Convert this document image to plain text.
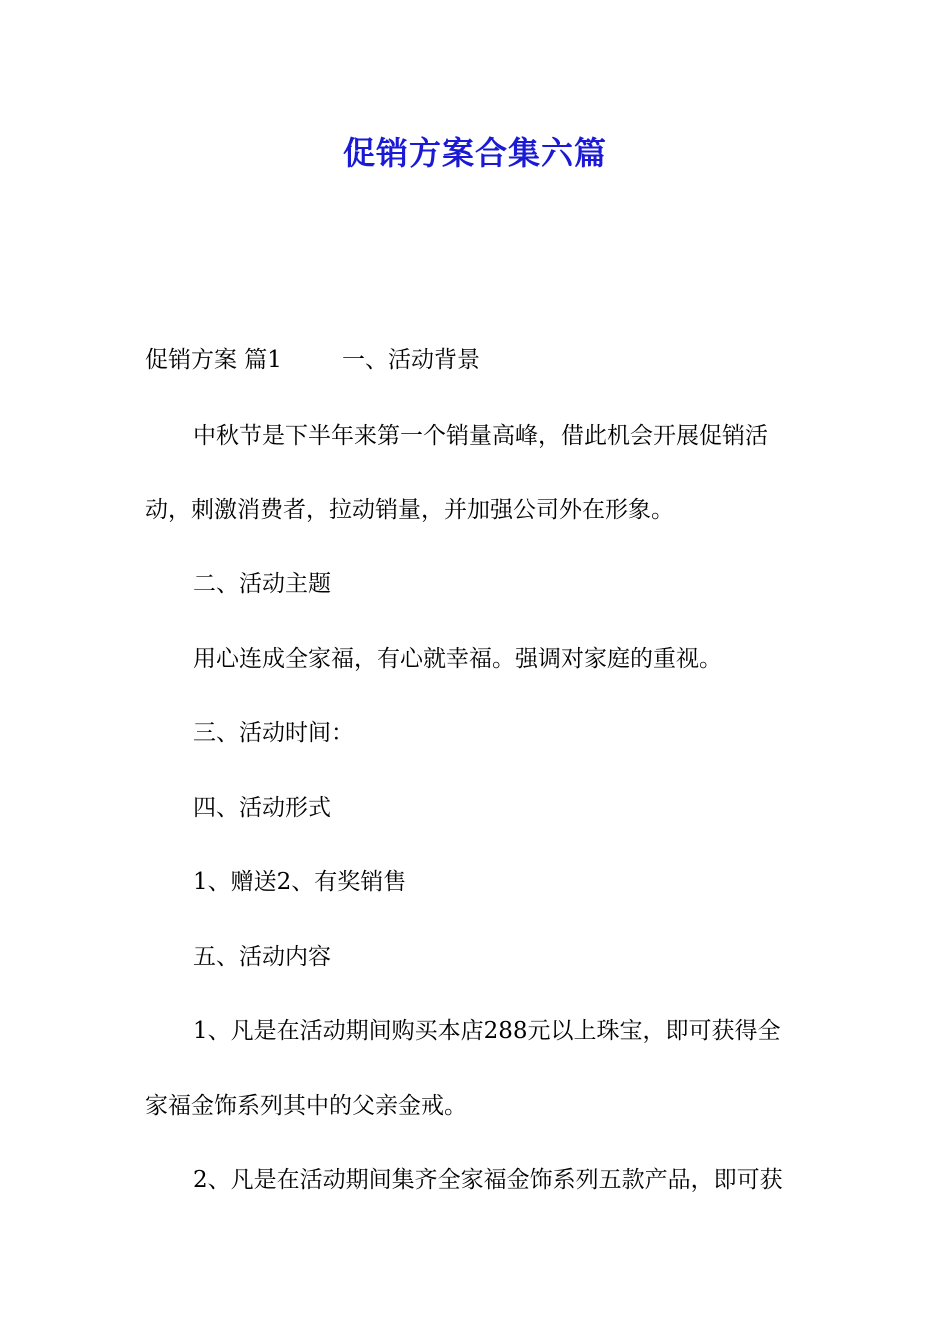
促销方案合集六篇

促销方案 篇1	一、活动背景

中秋节是下半年来第一个销量高峰，借此机会开展促销活

动，刺激消费者，拉动销量，并加强公司外在形象。

二、活动主题

用心连成全家福，有心就幸福。强调对家庭的重视。

三、活动时间：

四、活动形式

1、赠送2、有奖销售

五、活动内容

1、凡是在活动期间购买本店288元以上珠宝，即可获得全

家福金饰系列其中的父亲金戒。

2、凡是在活动期间集齐全家福金饰系列五款产品，即可获
